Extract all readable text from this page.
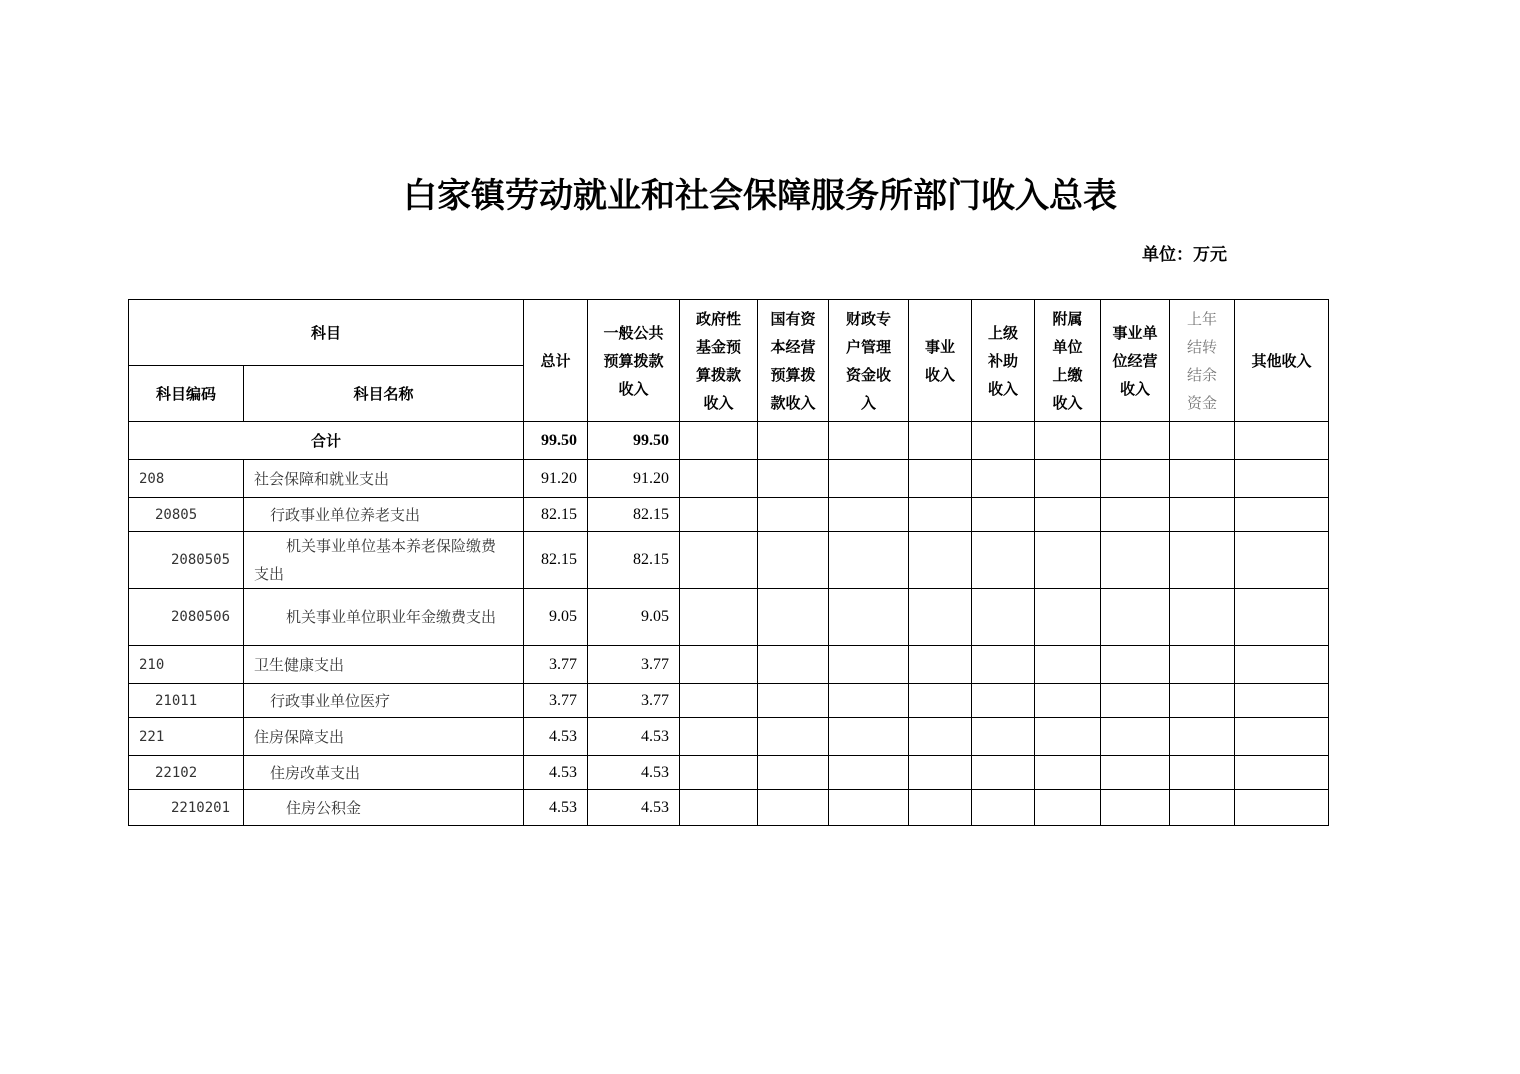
白家镇劳动就业和社会保障服务所部门收入总表
单位：万元
科目		总计	一般公共预算拨款收入	政府性基金预算拨款收入	国有资本经营预算拨款收入	财政专户管理资金收入	事业收入	上级补助收入	附属单位上缴收入	事业单位经营收入	上年结转结余资金	其他收入
科目编码	科目名称											
合计		99.50	99.50									
208	社会保障和就业支出	91.20	91.20									
20805	行政事业单位养老支出	82.15	82.15									
2080505	机关事业单位基本养老保险缴费支出	82.15	82.15									
2080506	机关事业单位职业年金缴费支出	9.05	9.05									
210	卫生健康支出	3.77	3.77									
21011	行政事业单位医疗	3.77	3.77									
221	住房保障支出	4.53	4.53									
22102	住房改革支出	4.53	4.53									
2210201	住房公积金	4.53	4.53									
